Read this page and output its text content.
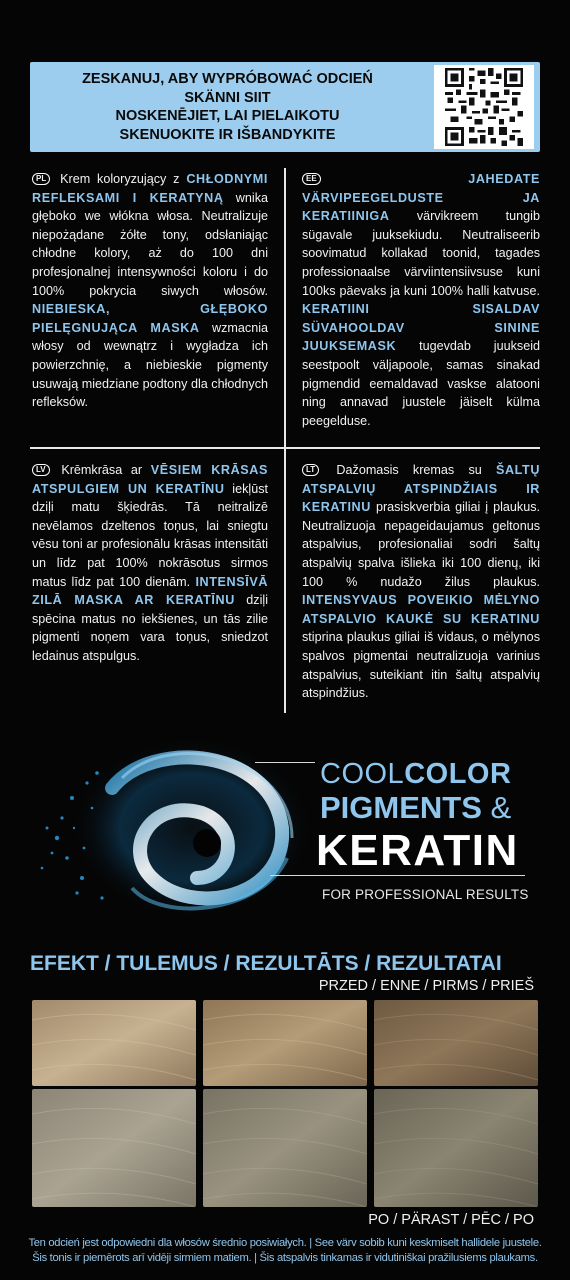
ZESKANUJ, ABY WYPRÓBOWAĆ ODCIEŃ
SKÄNNI SIIT
NOSKENĒJIET, LAI PIELAIKOTU
SKENUOKITE IR IŠBANDYKITE
PL Krem koloryzujący z CHŁODNYMI REFLEKSAMI I KERATYNĄ wnika głęboko we włókna włosa. Neutralizuje niepożądane żółte tony, odsłaniając chłodne kolory, aż do 100 dni profesjonalnej intensywności koloru i do 100% pokrycia siwych włosów. NIEBIESKA, GŁĘBOKO PIELĘGNUJĄCA MASKA wzmacnia włosy od wewnątrz i wygładza ich powierzchnię, a niebieskie pigmenty usuwają miedziane podtony dla chłodnych refleksów.
EE	JAHEDATE VÄRVIPEEGELDUSTE JA KERATIINIGA värvikreem tungib sügavale juuksekiudu. Neutraliseerib soovimatud kollakad toonid, tagades professionaalse värviintensiivsuse kuni 100ks päevaks ja kuni 100% halli katvuse. KERATIINI SISALDAV SÜVAHOOLDAV SININE JUUKSEMASK tugevdab juukseid seestpoolt väljapoole, samas sinakad pigmendid eemaldavad vaskse alatooni ning annavad juustele jäiselt külma peegelduse.
LV Krēmkrāsa ar VĒSIEM KRĀSAS ATSPULGIEM UN KERATĪNU iekļūst dziļi matu šķiedrās. Tā neitralizē nevēlamos dzeltenos toņus, lai sniegtu vēsu toni ar profesionālu krāsas intensitāti un līdz pat 100% nokrāsotus sirmos matus līdz pat 100 dienām. INTENSĪVĀ ZILĀ MASKA AR KERATĪNU dziļi spēcina matus no iekšienes, un tās zilie pigmenti noņem vara toņus, sniedzot ledainus atspulgus.
LT Dažomasis kremas su ŠALTŲ ATSPALVIŲ ATSPINDŽIAIS IR KERATINU prasiskverbia giliai į plaukus. Neutralizuoja nepageidaujamus geltonus atspalvius, profesionaliai sodri šaltų atspalvių spalva išlieka iki 100 dienų, iki 100 % nudažo žilus plaukus. INTENSYVAUS POVEIKIO MĖLYNO ATSPALVIO KAUKĖ SU KERATINU stiprina plaukus giliai iš vidaus, o mėlynos spalvos pigmentai neutralizuoja varinius atspalvius, suteikiant itin šaltų atspalvių atspindžius.
COOLCOLOR
PIGMENTS &
KERATIN
FOR PROFESSIONAL RESULTS
EFEKT / TULEMUS / REZULTĀTS / REZULTATAI
PRZED / ENNE / PIRMS / PRIEŠ
PO / PÄRAST / PĒC / PO
Ten odcień jest odpowiedni dla włosów średnio posiwiałych. | See värv sobib kuni keskmiselt hallidele juustele.
Šis tonis ir piemērots arī vidēji sirmiem matiem. | Šis atspalvis tinkamas ir vidutiniškai pražilusiems plaukams.
